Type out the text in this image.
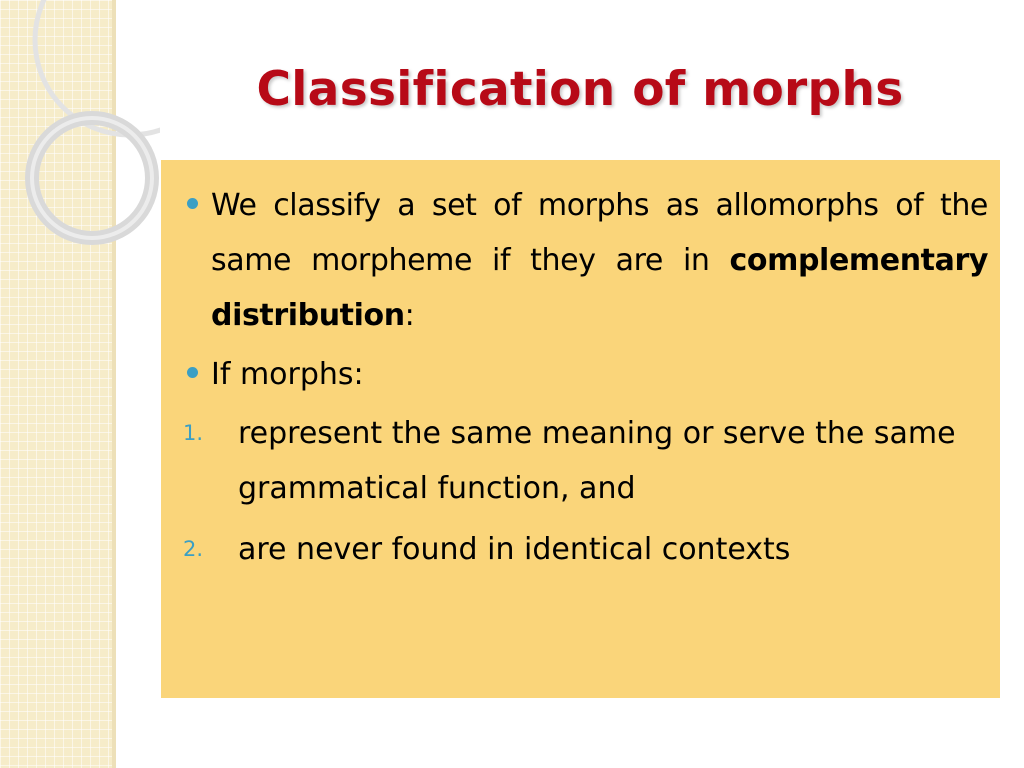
Classification of morphs
We classify a set of morphs as allomorphs of the same morpheme if they are in complementary distribution:
If morphs:
1. represent the same meaning or serve the same grammatical function, and
2. are never found in identical contexts
